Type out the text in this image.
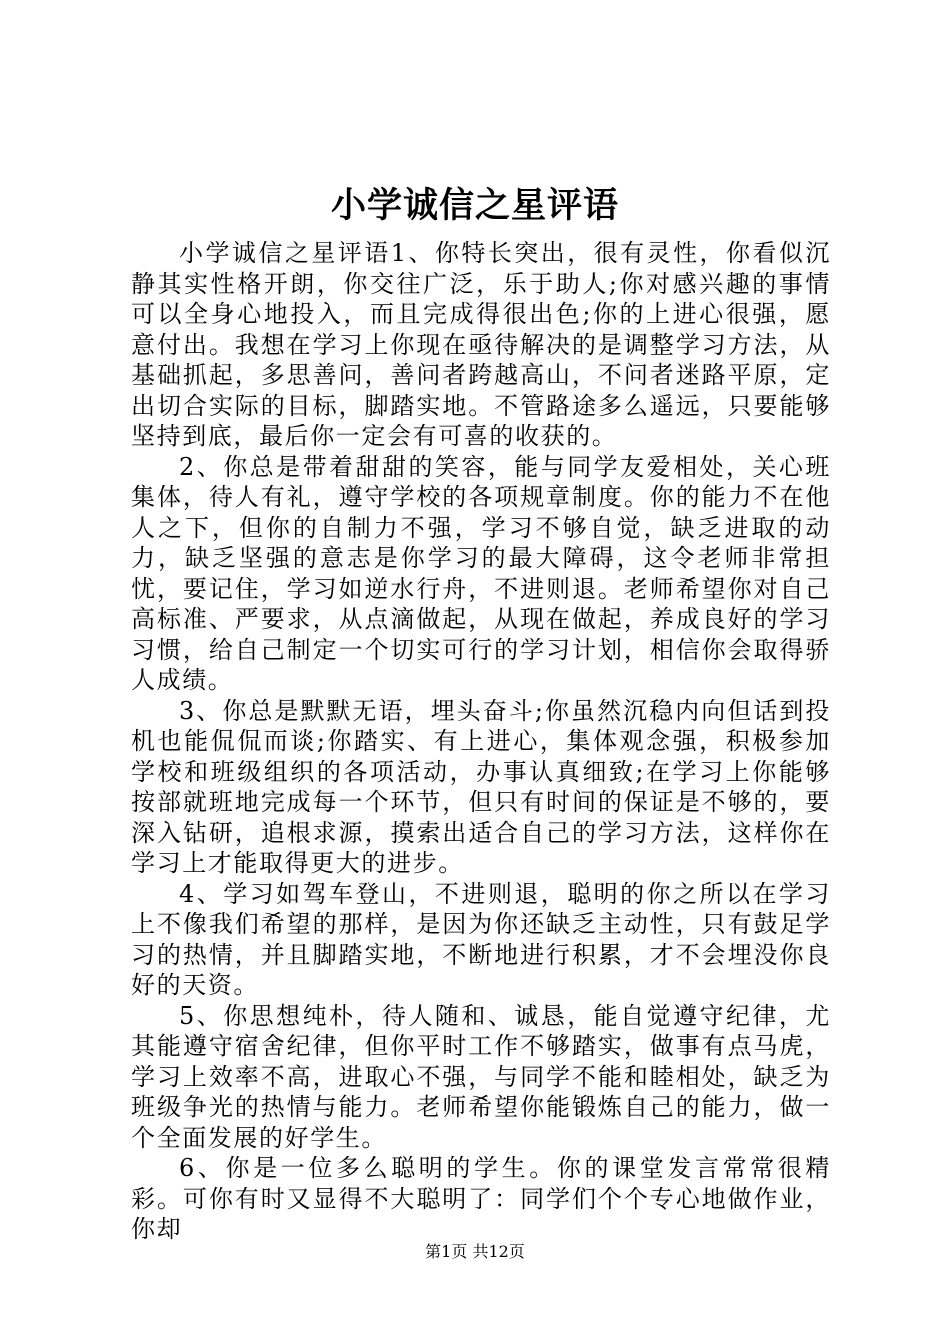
小学诚信之星评语

小学诚信之星评语1、你特长突出，很有灵性，你看似沉静其实性格开朗，你交往广泛，乐于助人;你对感兴趣的事情可以全身心地投入，而且完成得很出色;你的上进心很强，愿意付出。我想在学习上你现在亟待解决的是调整学习方法，从基础抓起，多思善问，善问者跨越高山，不问者迷路平原，定出切合实际的目标，脚踏实地。不管路途多么遥远，只要能够坚持到底，最后你一定会有可喜的收获的。

2、你总是带着甜甜的笑容，能与同学友爱相处，关心班集体，待人有礼，遵守学校的各项规章制度。你的能力不在他人之下，但你的自制力不强，学习不够自觉，缺乏进取的动力，缺乏坚强的意志是你学习的最大障碍，这令老师非常担忧，要记住，学习如逆水行舟，不进则退。老师希望你对自己高标准、严要求，从点滴做起，从现在做起，养成良好的学习习惯，给自己制定一个切实可行的学习计划，相信你会取得骄人成绩。

3、你总是默默无语，埋头奋斗;你虽然沉稳内向但话到投机也能侃侃而谈;你踏实、有上进心，集体观念强，积极参加学校和班级组织的各项活动，办事认真细致;在学习上你能够按部就班地完成每一个环节，但只有时间的保证是不够的，要深入钻研，追根求源，摸索出适合自己的学习方法，这样你在学习上才能取得更大的进步。

4、学习如驾车登山，不进则退，聪明的你之所以在学习上不像我们希望的那样，是因为你还缺乏主动性，只有鼓足学习的热情，并且脚踏实地，不断地进行积累，才不会埋没你良好的天资。

5、你思想纯朴，待人随和、诚恳，能自觉遵守纪律，尤其能遵守宿舍纪律，但你平时工作不够踏实，做事有点马虎，学习上效率不高，进取心不强，与同学不能和睦相处，缺乏为班级争光的热情与能力。老师希望你能锻炼自己的能力，做一个全面发展的好学生。

6、你是一位多么聪明的学生。你的课堂发言常常很精彩。可你有时又显得不大聪明了：同学们个个专心地做作业，你却

第1页 共12页
